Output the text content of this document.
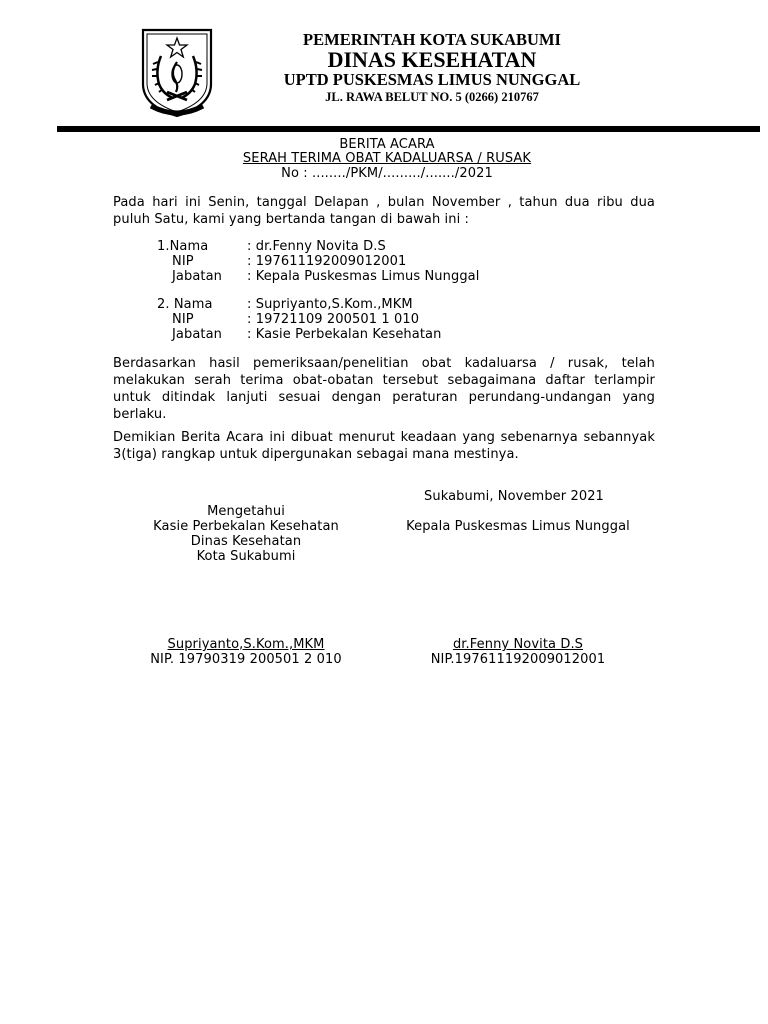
PEMERINTAH KOTA SUKABUMI
DINAS KESEHATAN
UPTD PUSKESMAS LIMUS NUNGGAL
JL. RAWA BELUT NO. 5 (0266) 210767
BERITA ACARA
SERAH TERIMA OBAT KADALUARSA / RUSAK
No : ......../PKM/........./......./2021
Pada hari ini Senin, tanggal Delapan , bulan November , tahun dua ribu dua
puluh Satu, kami yang bertanda tangan di bawah ini :
1.Nama	: dr.Fenny Novita D.S
NIP	: 197611192009012001
Jabatan : Kepala Puskesmas Limus Nunggal
2. Nama	: Supriyanto,S.Kom.,MKM
NIP	: 19721109 200501 1 010
Jabatan : Kasie Perbekalan Kesehatan
Berdasarkan hasil pemeriksaan/penelitian obat kadaluarsa / rusak, telah
melakukan serah terima obat-obatan tersebut sebagaimana daftar terlampir
untuk ditindak lanjuti sesuai dengan peraturan perundang-undangan yang
berlaku.
Demikian Berita Acara ini dibuat menurut keadaan yang sebenarnya sebannyak
3(tiga) rangkap untuk dipergunakan sebagai mana mestinya.
Sukabumi, November 2021
Mengetahui
Kasie Perbekalan Kesehatan
Dinas Kesehatan
Kota Sukabumi
Kepala Puskesmas Limus Nunggal
Supriyanto,S.Kom.,MKM
NIP. 19790319 200501 2 010
dr.Fenny Novita D.S
NIP.197611192009012001
